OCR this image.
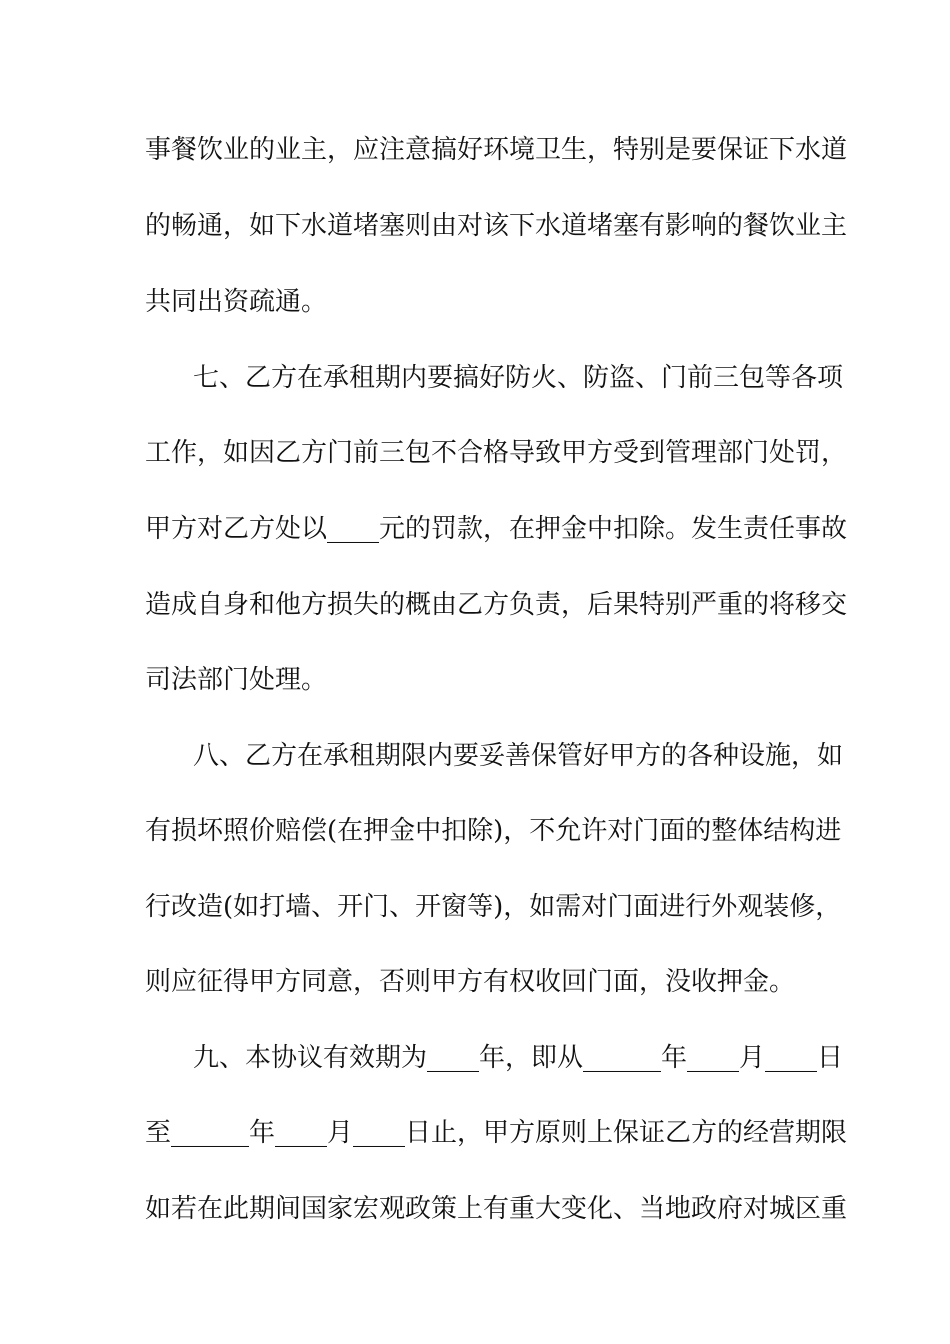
事餐饮业的业主，应注意搞好环境卫生，特别是要保证下水道
的畅通，如下水道堵塞则由对该下水道堵塞有影响的餐饮业主
共同出资疏通。
七、乙方在承租期内要搞好防火、防盗、门前三包等各项
工作，如因乙方门前三包不合格导致甲方受到管理部门处罚，
甲方对乙方处以____元的罚款，在押金中扣除。发生责任事故
造成自身和他方损失的概由乙方负责，后果特别严重的将移交
司法部门处理。
八、乙方在承租期限内要妥善保管好甲方的各种设施，如
有损坏照价赔偿(在押金中扣除)，不允许对门面的整体结构进
行改造(如打墙、开门、开窗等)，如需对门面进行外观装修，
则应征得甲方同意，否则甲方有权收回门面，没收押金。
九、本协议有效期为____年，即从______年____月____日
至______年____月____日止，甲方原则上保证乙方的经营期限
如若在此期间国家宏观政策上有重大变化、当地政府对城区重
